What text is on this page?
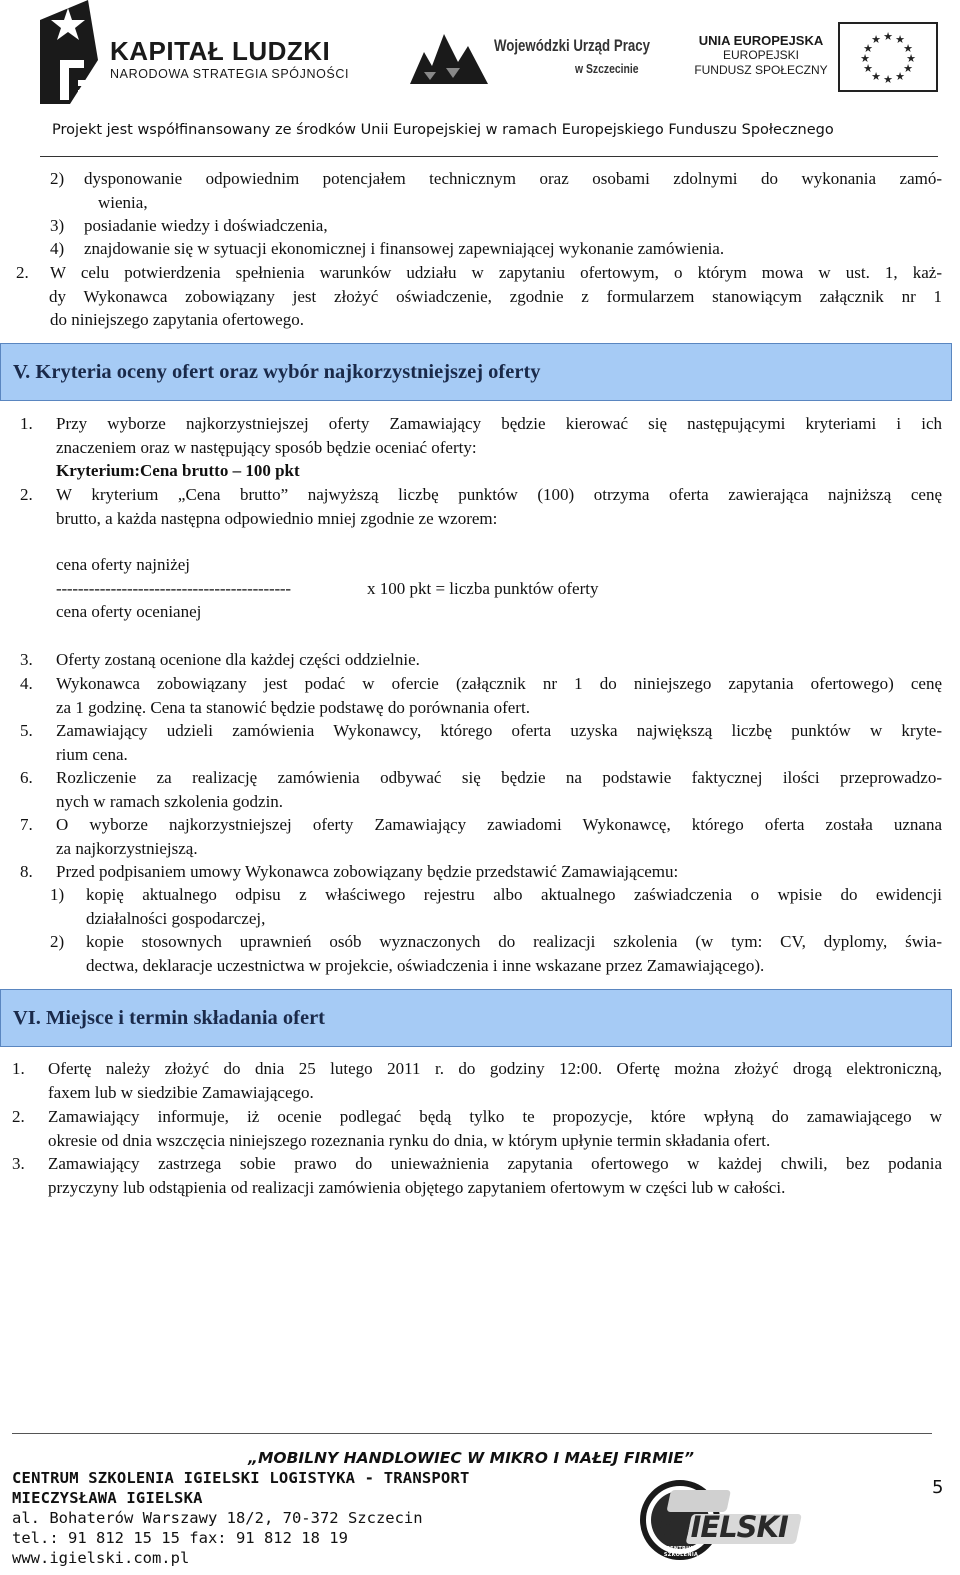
KAPITAŁ LUDZKI
NARODOWA STRATEGIA SPÓJNOŚCI
Wojewódzki Urząd Pracy
w Szczecinie
UNIA EUROPEJSKA
EUROPEJSKI
FUNDUSZ SPOŁECZNY
★ ★
★
★
★
★
★
★
★
★
★
★
Projekt jest współfinansowany ze środków Unii Europejskiej w ramach Europejskiego Funduszu Społecznego
2) dysponowanie odpowiednim potencjałem technicznym oraz osobami zdolnymi do wykonania zamó-
wienia,
3) posiadanie wiedzy i doświadczenia,
4) znajdowanie się w sytuacji ekonomicznej i finansowej zapewniającej wykonanie zamówienia.
2. W celu potwierdzenia spełnienia warunków udziału w zapytaniu ofertowym, o którym mowa w ust. 1, każ-
dy Wykonawca zobowiązany jest złożyć oświadczenie, zgodnie z formularzem stanowiącym załącznik nr 1
do niniejszego zapytania ofertowego.
V. Kryteria oceny ofert oraz wybór najkorzystniejszej oferty
1. Przy wyborze najkorzystniejszej oferty Zamawiający będzie kierować się następującymi kryteriami i ich
znaczeniem oraz w następujący sposób będzie oceniać oferty:
Kryterium:Cena brutto – 100 pkt
2. W kryterium „Cena brutto” najwyższą liczbę punktów (100) otrzyma oferta zawierająca najniższą cenę
brutto, a każda następna odpowiednio mniej zgodnie ze wzorem:
cena oferty najniżej
-------------------------------------------	x 100 pkt = liczba punktów oferty
cena oferty ocenianej
3. Oferty zostaną ocenione dla każdej części oddzielnie.
4. Wykonawca zobowiązany jest podać w ofercie (załącznik nr 1 do niniejszego zapytania ofertowego) cenę
za 1 godzinę. Cena ta stanowić będzie podstawę do porównania ofert.
5. Zamawiający udzieli zamówienia Wykonawcy, którego oferta uzyska największą liczbę punktów w kryte-
rium cena.
6. Rozliczenie za realizację zamówienia odbywać się będzie na podstawie faktycznej ilości przeprowadzo-
nych w ramach szkolenia godzin.
7. O wyborze najkorzystniejszej oferty Zamawiający zawiadomi Wykonawcę, którego oferta została uznana
za najkorzystniejszą.
8. Przed podpisaniem umowy Wykonawca zobowiązany będzie przedstawić Zamawiającemu:
1) kopię aktualnego odpisu z właściwego rejestru albo aktualnego zaświadczenia o wpisie do ewidencji
działalności gospodarczej,
2) kopie stosownych uprawnień osób wyznaczonych do realizacji szkolenia (w tym: CV, dyplomy, świa-
dectwa, deklaracje uczestnictwa w projekcie, oświadczenia i inne wskazane przez Zamawiającego).
VI. Miejsce i termin składania ofert
1. Ofertę należy złożyć do dnia 25 lutego 2011 r. do godziny 12:00. Ofertę można złożyć drogą elektroniczną,
faxem lub w siedzibie Zamawiającego.
2. Zamawiający informuje, iż ocenie podlegać będą tylko te propozycje, które wpłyną do zamawiającego w
okresie od dnia wszczęcia niniejszego rozeznania rynku do dnia, w którym upłynie termin składania ofert.
3. Zamawiający zastrzega sobie prawo do unieważnienia zapytania ofertowego w każdej chwili, bez podania
przyczyny lub odstąpienia od realizacji zamówienia objętego zapytaniem ofertowym w części lub w całości.
„MOBILNY HANDLOWIEC W MIKRO I MAŁEJ FIRMIE”
CENTRUM SZKOLENIA IGIELSKI LOGISTYKA - TRANSPORT
MIECZYSŁAWA IGIELSKA
al. Bohaterów Warszawy 18/2, 70-372 Szczecin
tel.: 91 812 15 15 fax: 91 812 18 19
www.igielski.com.pl	CENTRUM SZKOLENIA
IGIELSKI
5
